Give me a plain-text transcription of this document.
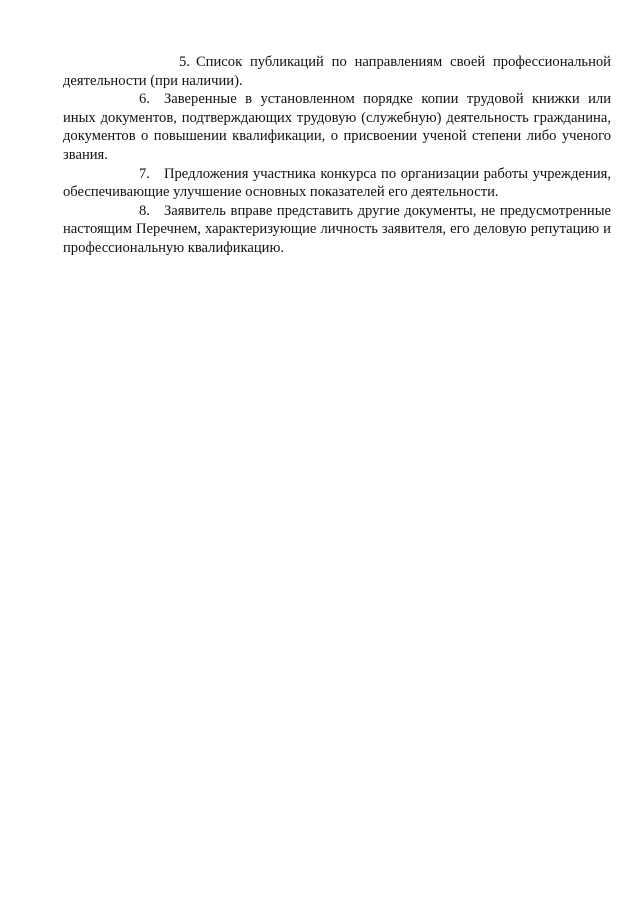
5. Список публикаций по направлениям своей профессиональной деятельности (при наличии).

6. Заверенные в установленном порядке копии трудовой книжки или иных документов, подтверждающих трудовую (служебную) деятельность гражданина, документов о повышении квалификации, о присвоении ученой степени либо ученого звания.

7. Предложения участника конкурса по организации работы учреждения, обеспечивающие улучшение основных показателей его деятельности.

8. Заявитель вправе представить другие документы, не предусмотренные настоящим Перечнем, характеризующие личность заявителя, его деловую репутацию и профессиональную квалификацию.
